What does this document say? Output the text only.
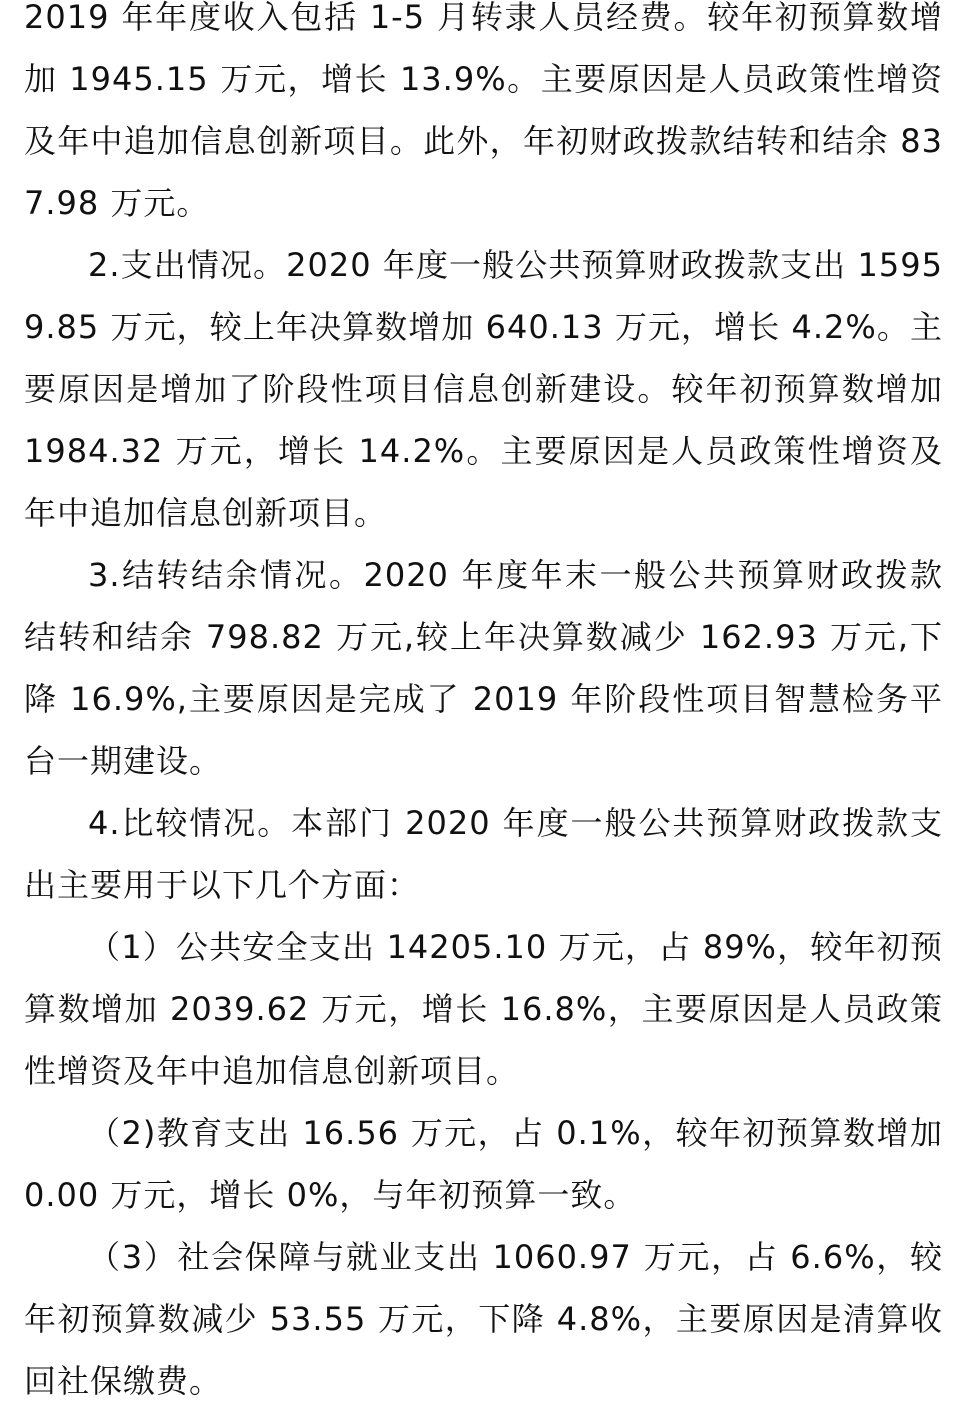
2019 年年度收入包括 1-5 月转隶人员经费。较年初预算数增加 1945.15 万元，增长 13.9%。主要原因是人员政策性增资及年中追加信息创新项目。此外，年初财政拨款结转和结余 837.98 万元。

2.支出情况。2020 年度一般公共预算财政拨款支出 15959.85 万元，较上年决算数增加 640.13 万元，增长 4.2%。主要原因是增加了阶段性项目信息创新建设。较年初预算数增加 1984.32 万元，增长 14.2%。主要原因是人员政策性增资及年中追加信息创新项目。

3.结转结余情况。2020 年度年末一般公共预算财政拨款结转和结余 798.82 万元,较上年决算数减少 162.93 万元,下降 16.9%,主要原因是完成了 2019 年阶段性项目智慧检务平台一期建设。

4.比较情况。本部门 2020 年度一般公共预算财政拨款支出主要用于以下几个方面：

（1）公共安全支出 14205.10 万元，占 89%，较年初预算数增加 2039.62 万元，增长 16.8%，主要原因是人员政策性增资及年中追加信息创新项目。

（2)教育支出 16.56 万元，占 0.1%，较年初预算数增加 0.00 万元，增长 0%，与年初预算一致。

（3）社会保障与就业支出 1060.97 万元，占 6.6%，较年初预算数减少 53.55 万元，下降 4.8%，主要原因是清算收回社保缴费。
